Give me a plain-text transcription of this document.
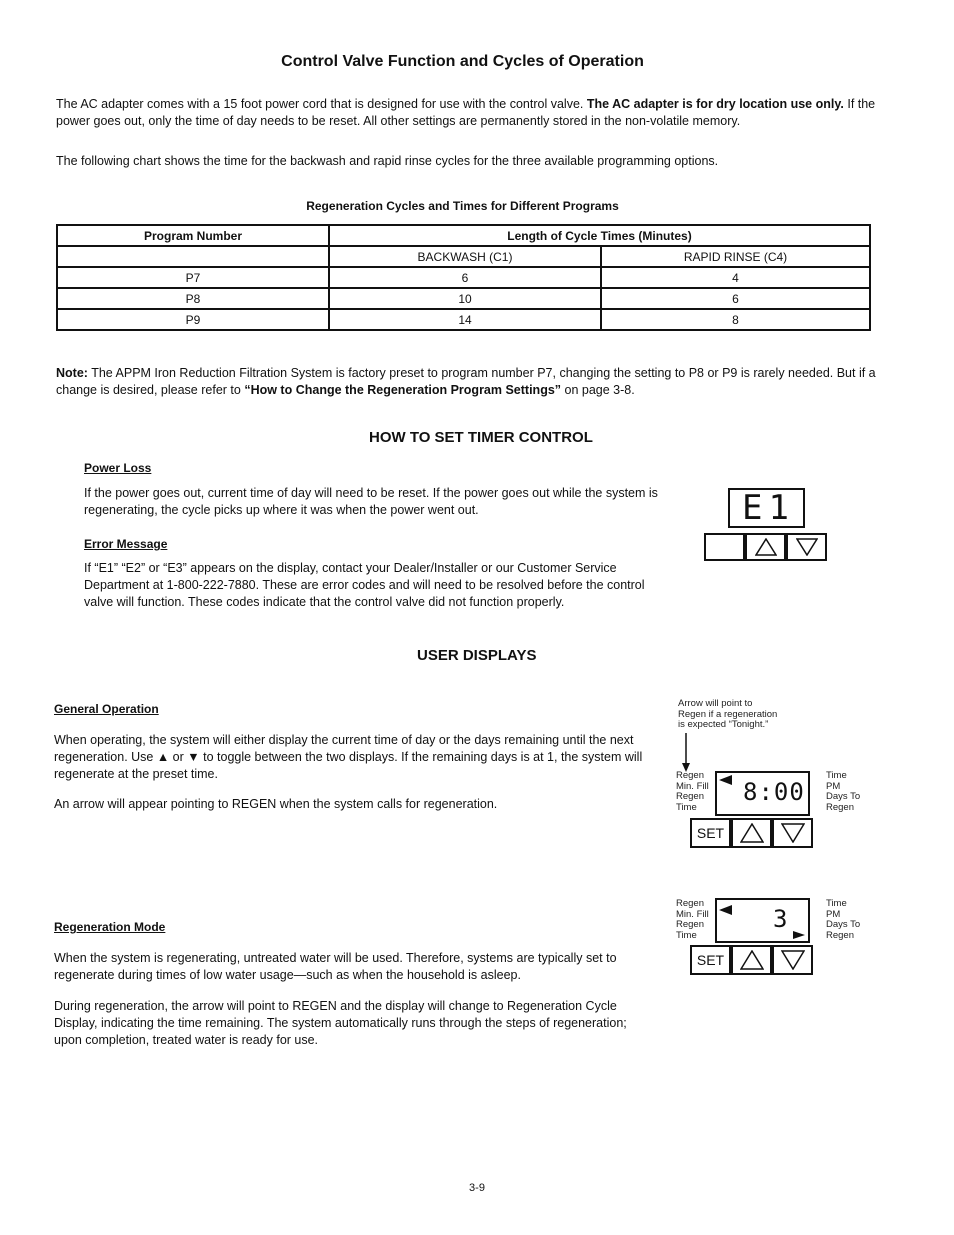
Control Valve Function and Cycles of Operation
The AC adapter comes with a 15 foot power cord that is designed for use with the control valve. The AC adapter is for dry location use only. If the power goes out, only the time of day needs to be reset. All other settings are permanently stored in the non-volatile memory.
The following chart shows the time for the backwash and rapid rinse cycles for the three available programming options.
Regeneration Cycles and Times for Different Programs
Program Number	Length of Cycle Times (Minutes)	
	BACKWASH (C1)	RAPID RINSE (C4)
P7	6	4
P8	10	6
P9	14	8
Note: The APPM Iron Reduction Filtration System is factory preset to program number P7, changing the setting to P8 or P9 is rarely needed. But if a change is desired, please refer to “How to Change the Regeneration Program Settings” on page 3-8.
HOW TO SET TIMER CONTROL
Power Loss
If the power goes out, current time of day will need to be reset. If the power goes out while the system is regenerating, the cycle picks up where it was when the power went out.
Error Message
If “E1” “E2” or “E3” appears on the display, contact your Dealer/Installer or our Customer Service Department at 1-800-222-7880. These are error codes and will need to be resolved before the control valve will function. These codes indicate that the control valve did not function properly.
E1
USER DISPLAYS
General Operation
When operating, the system will either display the current time of day or the days remaining until the next regeneration. Use ▲ or ▼ to toggle between the two displays. If the remaining days is at 1, the system will regenerate at the preset time.
An arrow will appear pointing to REGEN when the system calls for regeneration.
Regeneration Mode
When the system is regenerating, untreated water will be used. Therefore, systems are typically set to regenerate during times of low water usage—such as when the household is asleep.
During regeneration, the arrow will point to REGEN and the display will change to Regeneration Cycle Display, indicating the time remaining. The system automatically runs through the steps of regeneration; upon completion, treated water is ready for use.
Arrow will point to Regen if a regeneration is expected “Tonight.”
Regen
Min. Fill
Regen
Time
8:00
Time
PM
Days To
Regen
SET
Regen
Min. Fill
Regen
Time
3
Time
PM
Days To
Regen
SET
3-9
